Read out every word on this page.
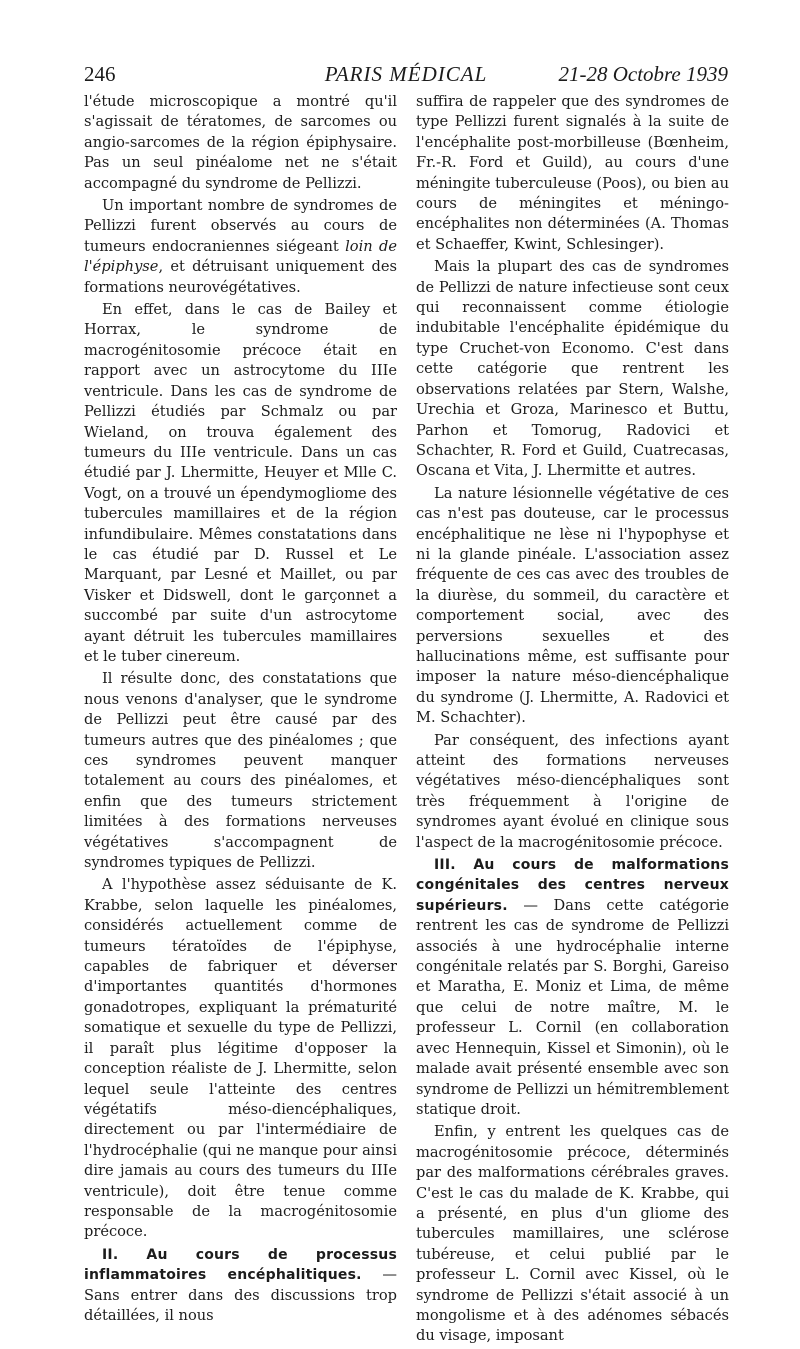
246	PARIS MÉDICAL	21-28 Octobre 1939

l'étude microscopique a montré qu'il s'agissait de tératomes, de sarcomes ou angio-sarcomes de la région épiphysaire. Pas un seul pinéalome net ne s'était accompagné du syndrome de Pellizzi.

Un important nombre de syndromes de Pellizzi furent observés au cours de tumeurs endocraniennes siégeant loin de l'épiphyse, et détruisant uniquement des formations neurovégétatives.

En effet, dans le cas de Bailey et Horrax, le syndrome de macrogénitosomie précoce était en rapport avec un astrocytome du IIIe ventricule. Dans les cas de syndrome de Pellizzi étudiés par Schmalz ou par Wieland, on trouva également des tumeurs du IIIe ventricule. Dans un cas étudié par J. Lhermitte, Heuyer et Mlle C. Vogt, on a trouvé un épendymogliome des tubercules mamillaires et de la région infundibulaire. Mêmes constatations dans le cas étudié par D. Russel et Le Marquant, par Lesné et Maillet, ou par Visker et Didswell, dont le garçonnet a succombé par suite d'un astrocytome ayant détruit les tubercules mamillaires et le tuber cinereum.

Il résulte donc, des constatations que nous venons d'analyser, que le syndrome de Pellizzi peut être causé par des tumeurs autres que des pinéalomes ; que ces syndromes peuvent manquer totalement au cours des pinéalomes, et enfin que des tumeurs strictement limitées à des formations nerveuses végétatives s'accompagnent de syndromes typiques de Pellizzi.

A l'hypothèse assez séduisante de K. Krabbe, selon laquelle les pinéalomes, considérés actuellement comme de tumeurs tératoïdes de l'épiphyse, capables de fabriquer et déverser d'importantes quantités d'hormones gonadotropes, expliquant la prématurité somatique et sexuelle du type de Pellizzi, il paraît plus légitime d'opposer la conception réaliste de J. Lhermitte, selon lequel seule l'atteinte des centres végétatifs méso-diencéphaliques, directement ou par l'intermédiaire de l'hydrocéphalie (qui ne manque pour ainsi dire jamais au cours des tumeurs du IIIe ventricule), doit être tenue comme responsable de la macrogénitosomie précoce.

II. Au cours de processus inflammatoires encéphalitiques. — Sans entrer dans des discussions trop détaillées, il nous

suffira de rappeler que des syndromes de type Pellizzi furent signalés à la suite de l'encéphalite post-morbilleuse (Bœnheim, Fr.-R. Ford et Guild), au cours d'une méningite tuberculeuse (Poos), ou bien au cours de méningites et méningo-encéphalites non déterminées (A. Thomas et Schaeffer, Kwint, Schlesinger).

Mais la plupart des cas de syndromes de Pellizzi de nature infectieuse sont ceux qui reconnaissent comme étiologie indubitable l'encéphalite épidémique du type Cruchet-von Economo. C'est dans cette catégorie que rentrent les observations relatées par Stern, Walshe, Urechia et Groza, Marinesco et Buttu, Parhon et Tomorug, Radovici et Schachter, R. Ford et Guild, Cuatrecasas, Oscana et Vita, J. Lhermitte et autres.

La nature lésionnelle végétative de ces cas n'est pas douteuse, car le processus encéphalitique ne lèse ni l'hypophyse et ni la glande pinéale. L'association assez fréquente de ces cas avec des troubles de la diurèse, du sommeil, du caractère et comportement social, avec des perversions sexuelles et des hallucinations même, est suffisante pour imposer la nature méso-diencéphalique du syndrome (J. Lhermitte, A. Radovici et M. Schachter).

Par conséquent, des infections ayant atteint des formations nerveuses végétatives méso-diencéphaliques sont très fréquemment à l'origine de syndromes ayant évolué en clinique sous l'aspect de la macrogénitosomie précoce.

III. Au cours de malformations congénitales des centres nerveux supérieurs. — Dans cette catégorie rentrent les cas de syndrome de Pellizzi associés à une hydrocéphalie interne congénitale relatés par S. Borghi, Gareiso et Maratha, E. Moniz et Lima, de même que celui de notre maître, M. le professeur L. Cornil (en collaboration avec Hennequin, Kissel et Simonin), où le malade avait présenté ensemble avec son syndrome de Pellizzi un hémitremblement statique droit.

Enfin, y entrent les quelques cas de macrogénitosomie précoce, déterminés par des malformations cérébrales graves. C'est le cas du malade de K. Krabbe, qui a présenté, en plus d'un gliome des tubercules mamillaires, une sclérose tubéreuse, et celui publié par le professeur L. Cornil avec Kissel, où le syndrome de Pellizzi s'était associé à un mongolisme et à des adénomes sébacés du visage, imposant
